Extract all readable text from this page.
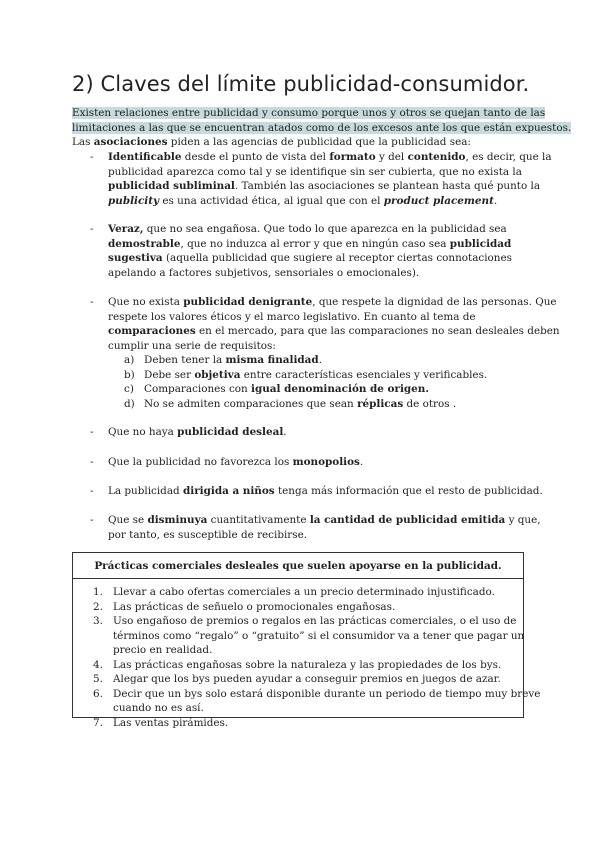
2) Claves del límite publicidad-consumidor.

Existen relaciones entre publicidad y consumo porque unos y otros se quejan tanto de las

limitaciones a las que se encuentran atados como de los excesos ante los que están expuestos.

Las asociaciones piden a las agencias de publicidad que la publicidad sea:

- Identificable desde el punto de vista del formato y del contenido, es decir, que la

publicidad aparezca como tal y se identifique sin ser cubierta, que no exista la

publicidad subliminal. También las asociaciones se plantean hasta qué punto la

publicity es una actividad ética, al igual que con el product placement.

- Veraz, que no sea engañosa. Que todo lo que aparezca en la publicidad sea

demostrable, que no induzca al error y que en ningún caso sea publicidad

sugestiva (aquella publicidad que sugiere al receptor ciertas connotaciones

apelando a factores subjetivos, sensoriales o emocionales).

- Que no exista publicidad denigrante, que respete la dignidad de las personas. Que

respete los valores éticos y el marco legislativo. En cuanto al tema de

comparaciones en el mercado, para que las comparaciones no sean desleales deben

cumplir una serie de requisitos:

a) Deben tener la misma finalidad.

b) Debe ser objetiva entre características esenciales y verificables.

c) Comparaciones con igual denominación de origen.

d) No se admiten comparaciones que sean réplicas de otros .

- Que no haya publicidad desleal.

- Que la publicidad no favorezca los monopolios.

- La publicidad dirigida a niños tenga más información que el resto de publicidad.

- Que se disminuya cuantitativamente la cantidad de publicidad emitida y que,

por tanto, es susceptible de recibirse.

Prácticas comerciales desleales que suelen apoyarse en la publicidad.
1. Llevar a cabo ofertas comerciales a un precio determinado injustificado.

2. Las prácticas de señuelo o promocionales engañosas.

3. Uso engañoso de premios o regalos en las prácticas comerciales, o el uso de

términos como “regalo” o “gratuito” si el consumidor va a tener que pagar un

precio en realidad.

4. Las prácticas engañosas sobre la naturaleza y las propiedades de los bys.

5. Alegar que los bys pueden ayudar a conseguir premios en juegos de azar.

6. Decir que un bys solo estará disponible durante un periodo de tiempo muy breve

cuando no es así.

7. Las ventas pirámides.
